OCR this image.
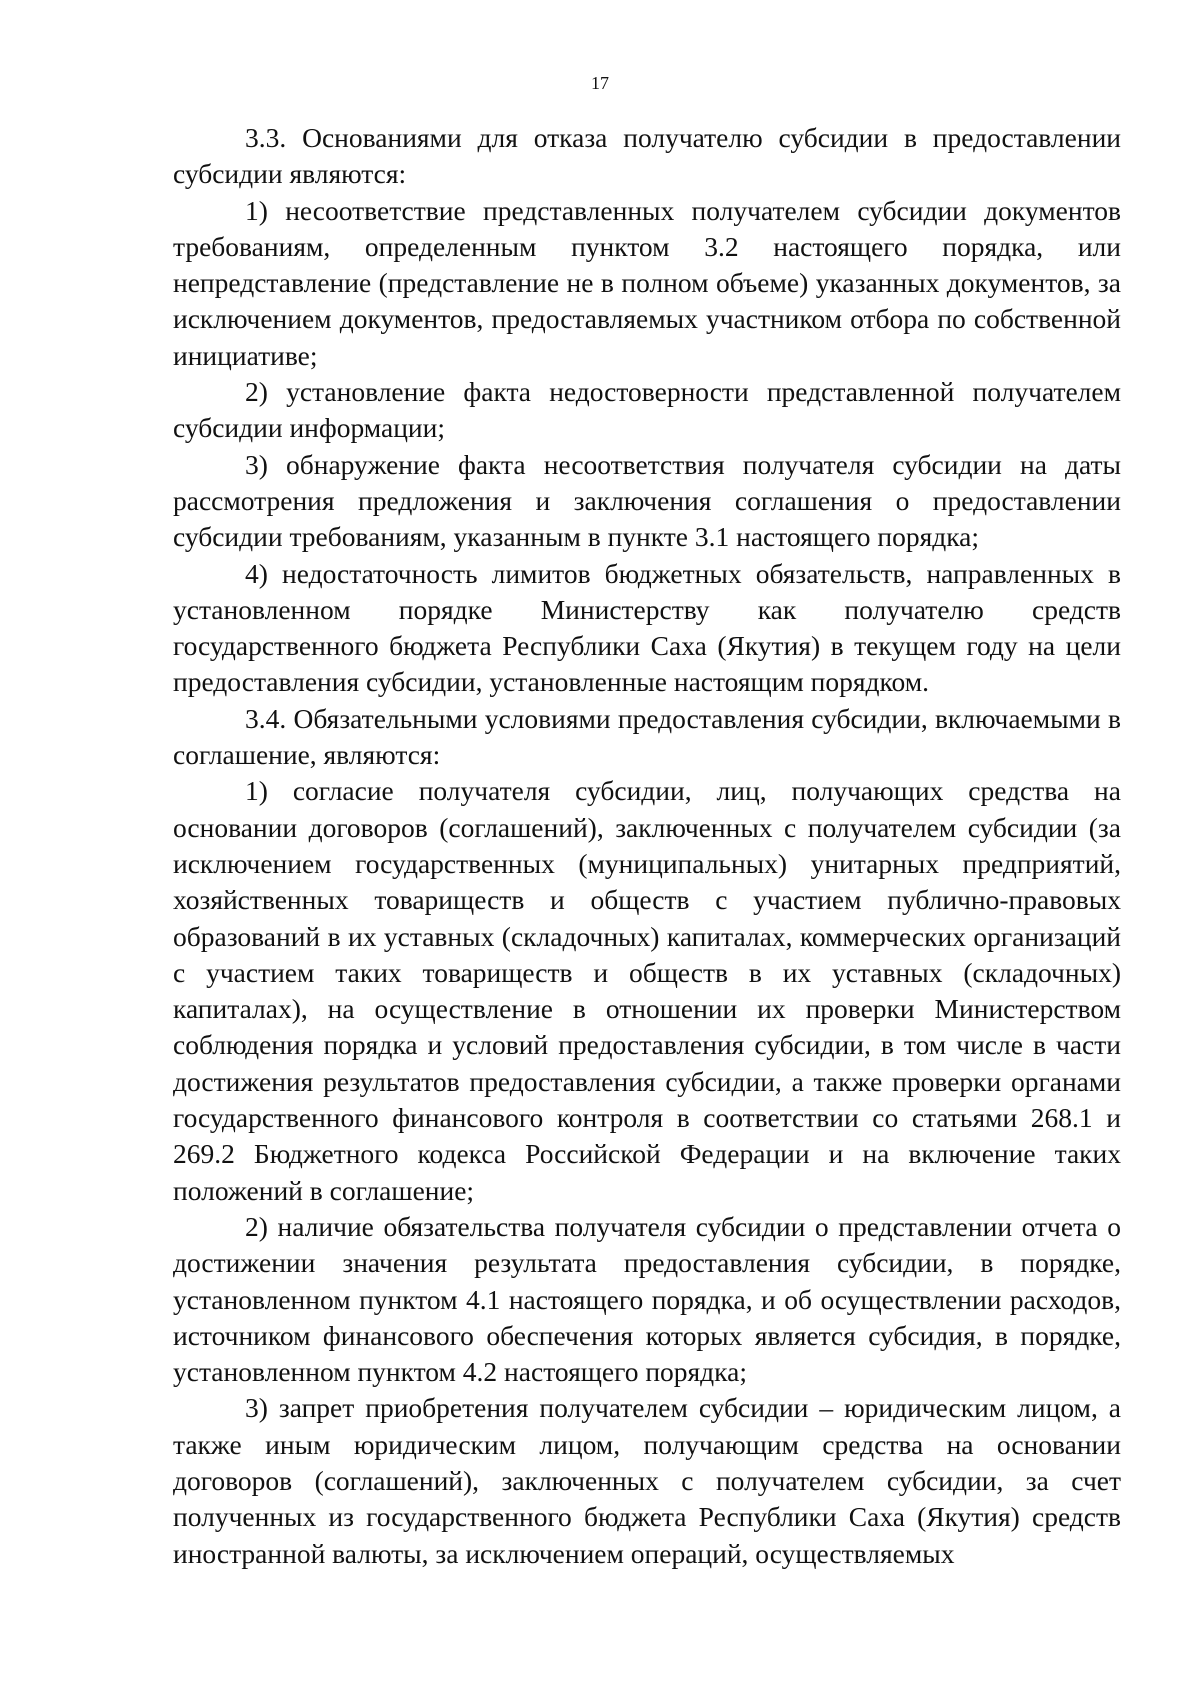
17

3.3. Основаниями для отказа получателю субсидии в предоставлении субсидии являются:

1) несоответствие представленных получателем субсидии документов требованиям, определенным пунктом 3.2 настоящего порядка, или непредставление (представление не в полном объеме) указанных документов, за исключением документов, предоставляемых участником отбора по собственной инициативе;

2) установление факта недостоверности представленной получателем субсидии информации;

3) обнаружение факта несоответствия получателя субсидии на даты рассмотрения предложения и заключения соглашения о предоставлении субсидии требованиям, указанным в пункте 3.1 настоящего порядка;

4) недостаточность лимитов бюджетных обязательств, направленных в установленном порядке Министерству как получателю средств государственного бюджета Республики Саха (Якутия) в текущем году на цели предоставления субсидии, установленные настоящим порядком.

3.4. Обязательными условиями предоставления субсидии, включаемыми в соглашение, являются:

1) согласие получателя субсидии, лиц, получающих средства на основании договоров (соглашений), заключенных с получателем субсидии (за исключением государственных (муниципальных) унитарных предприятий, хозяйственных товариществ и обществ с участием публично-правовых образований в их уставных (складочных) капиталах, коммерческих организаций с участием таких товариществ и обществ в их уставных (складочных) капиталах), на осуществление в отношении их проверки Министерством соблюдения порядка и условий предоставления субсидии, в том числе в части достижения результатов предоставления субсидии, а также проверки органами государственного финансового контроля в соответствии со статьями 268.1 и 269.2 Бюджетного кодекса Российской Федерации и на включение таких положений в соглашение;

2) наличие обязательства получателя субсидии о представлении отчета о достижении значения результата предоставления субсидии, в порядке, установленном пунктом 4.1 настоящего порядка, и об осуществлении расходов, источником финансового обеспечения которых является субсидия, в порядке, установленном пунктом 4.2 настоящего порядка;

3) запрет приобретения получателем субсидии – юридическим лицом, а также иным юридическим лицом, получающим средства на основании договоров (соглашений), заключенных с получателем субсидии, за счет полученных из государственного бюджета Республики Саха (Якутия) средств иностранной валюты, за исключением операций, осуществляемых
